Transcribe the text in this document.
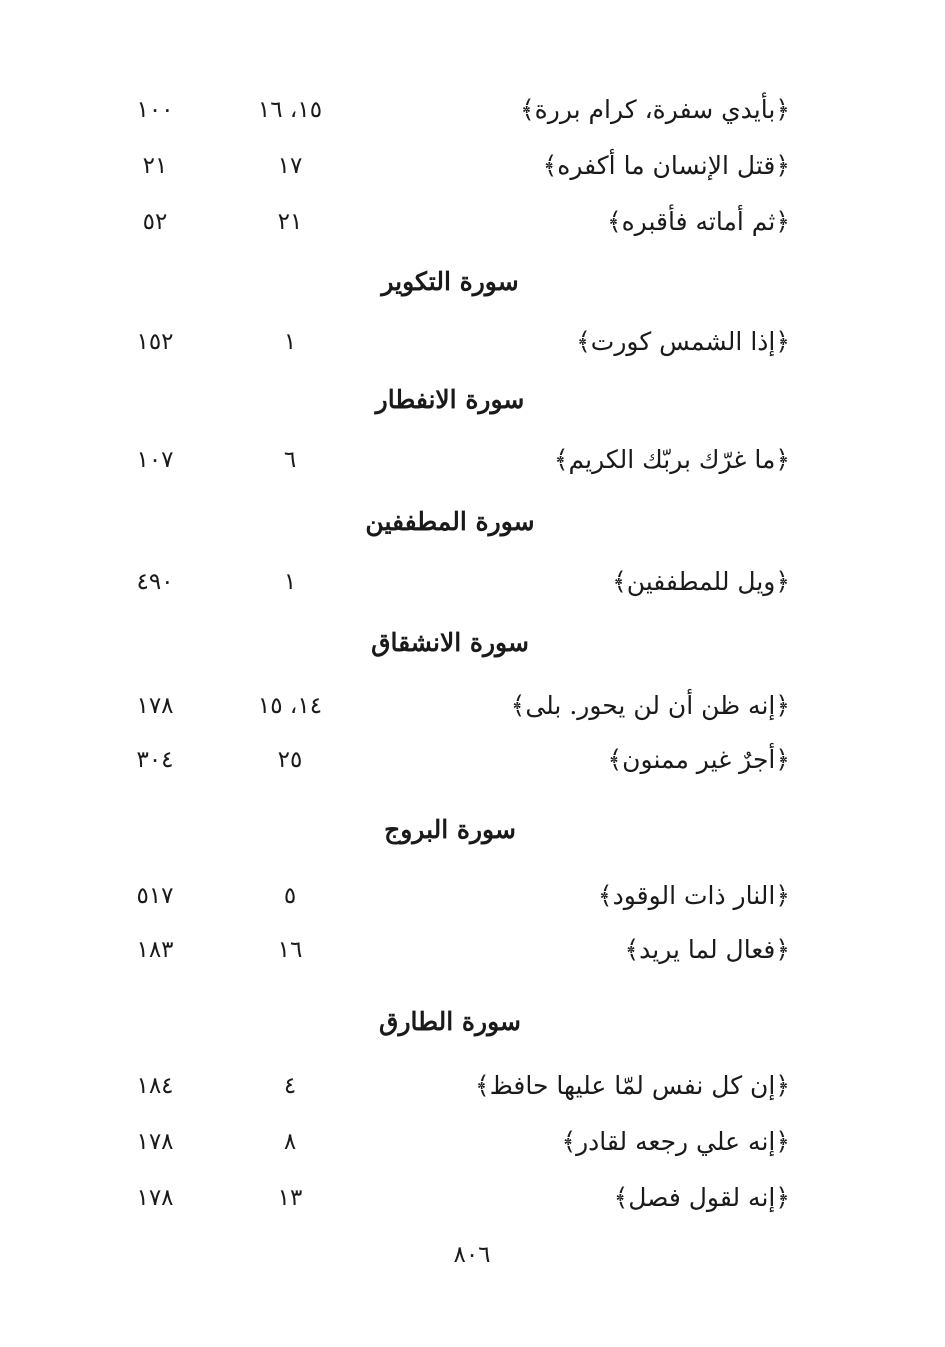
﴿بأيدي سفرة، كرام بررة﴾
١٥، ١٦
١٠٠
﴿قتل الإنسان ما أكفره﴾
١٧
٢١
﴿ثم أماته فأقبره﴾
٢١
٥٢
سورة التكوير
﴿إذا الشمس كورت﴾
١
١٥٢
سورة الانفطار
﴿ما غرّك بربّك الكريم﴾
٦
١٠٧
سورة المطففين
﴿ويل للمطففين﴾
١
٤٩٠
سورة الانشقاق
﴿إنه ظن أن لن يحور. بلى﴾
١٤، ١٥
١٧٨
﴿أجرٌ غير ممنون﴾
٢٥
٣٠٤
سورة البروج
﴿النار ذات الوقود﴾
٥
٥١٧
﴿فعال لما يريد﴾
١٦
١٨٣
سورة الطارق
﴿إن كل نفس لمّا عليها حافظ﴾
٤
١٨٤
﴿إنه علي رجعه لقادر﴾
٨
١٧٨
﴿إنه لقول فصل﴾
١٣
١٧٨
٨٠٦
